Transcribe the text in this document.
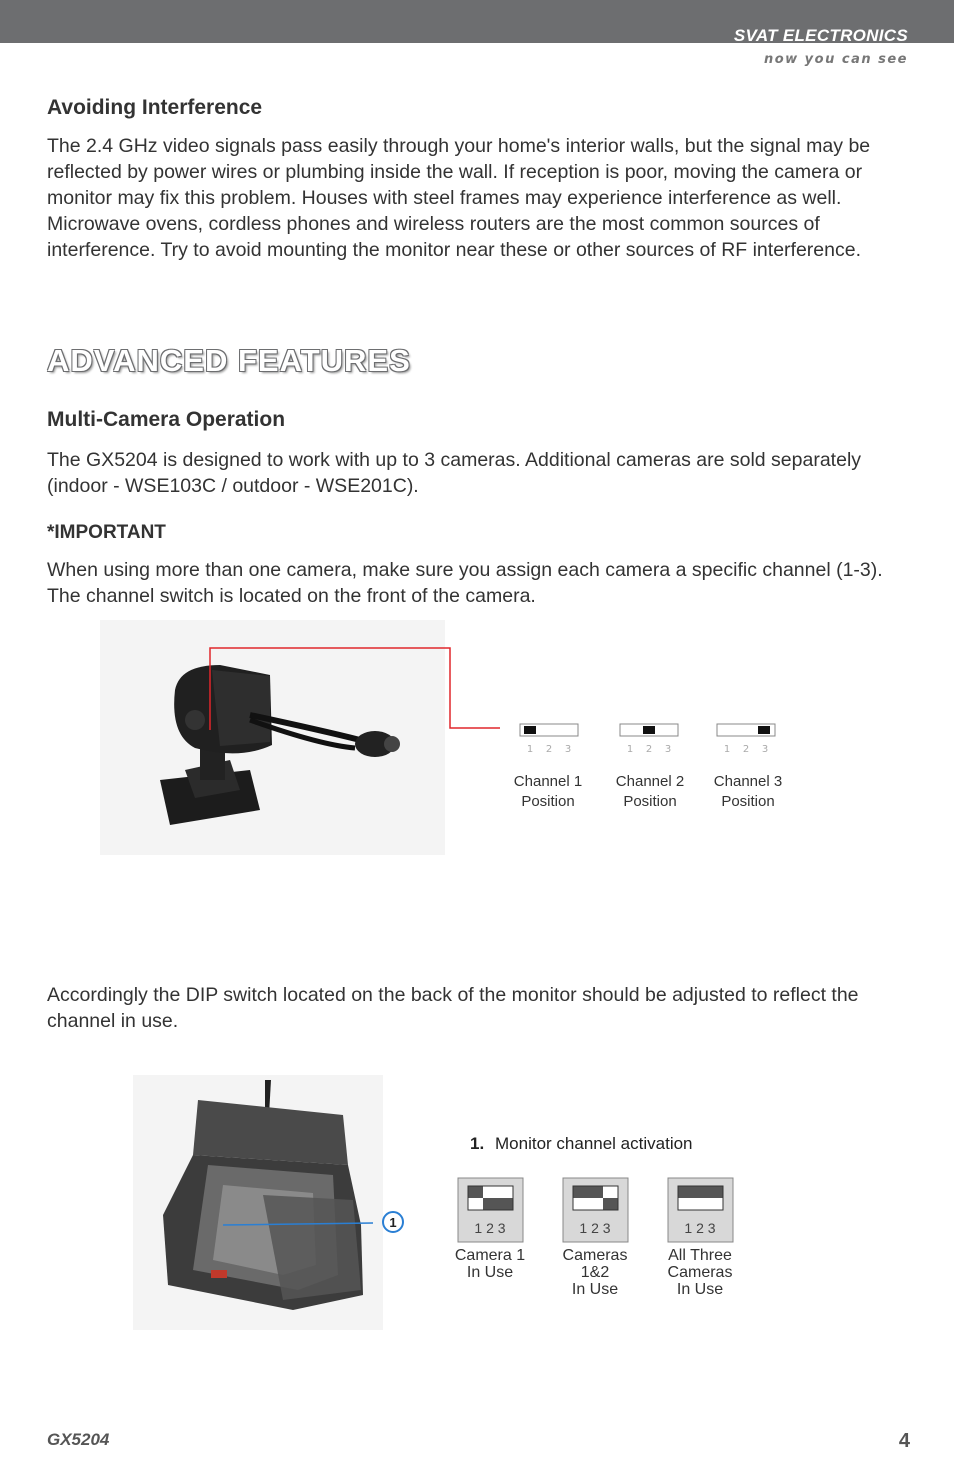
SVAT ELECTRONICS
now you can see
Avoiding Interference

The 2.4 GHz video signals pass easily through your home's interior walls, but the signal may be reflected by power wires or plumbing inside the wall. If reception is poor, moving the camera or monitor may fix this problem. Houses with steel frames may experience interference as well. Microwave ovens, cordless phones and wireless routers are the most common sources of interference. Try to avoid mounting the monitor near these or other sources of RF interference.

ADVANCED FEATURES
Multi-Camera Operation

The GX5204 is designed to work with up to 3 cameras. Additional cameras are sold separately (indoor - WSE103C / outdoor - WSE201C).

*IMPORTANT

When using more than one camera, make sure you assign each camera a specific channel (1-3). The channel switch is located on the front of the camera.

1 2 3	1 2 3	1 2 3
Channel 1
Position
Channel 2
Position
Channel 3
Position

Accordingly the DIP switch located on the back of the monitor should be adjusted to reflect the channel in use.

1
1. Monitor channel activation
1 2 3	1 2 3	1 2 3
Camera 1
In Use
Cameras
1&2
In Use
All Three
Cameras
In Use
GX5204	4
